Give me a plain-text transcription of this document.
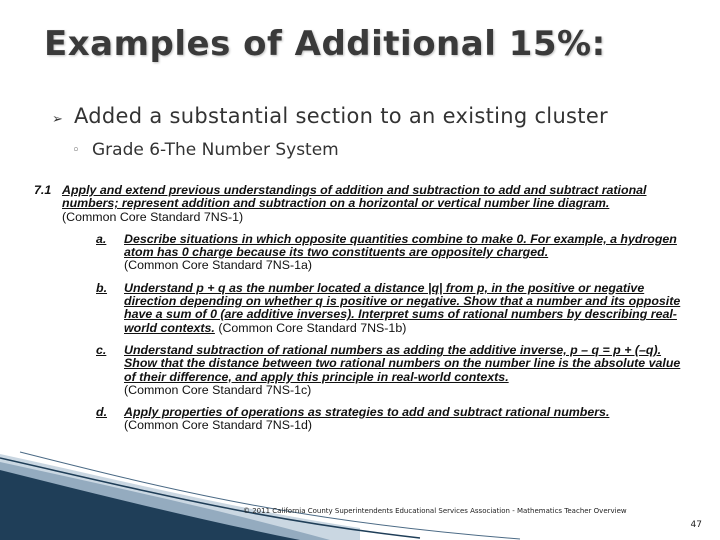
Examples of Additional 15%:
➢ Added a substantial section to an existing cluster
◦ Grade 6-The Number System
7.1 Apply and extend previous understandings of addition and subtraction to add and subtract rational numbers; represent addition and subtraction on a horizontal or vertical number line diagram.
(Common Core Standard 7NS-1)
a. Describe situations in which opposite quantities combine to make 0. For example, a hydrogen atom has 0 charge because its two constituents are oppositely charged.
(Common Core Standard 7NS-1a)
b. Understand p + q as the number located a distance |q| from p, in the positive or negative direction depending on whether q is positive or negative. Show that a number and its opposite have a sum of 0 (are additive inverses). Interpret sums of rational numbers by describing real-world contexts. (Common Core Standard 7NS-1b)
c. Understand subtraction of rational numbers as adding the additive inverse, p – q = p + (–q). Show that the distance between two rational numbers on the number line is the absolute value of their difference, and apply this principle in real-world contexts.
(Common Core Standard 7NS-1c)
d. Apply properties of operations as strategies to add and subtract rational numbers.
(Common Core Standard 7NS-1d)
© 2011 California County Superintendents Educational Services Association - Mathematics Teacher Overview
47
